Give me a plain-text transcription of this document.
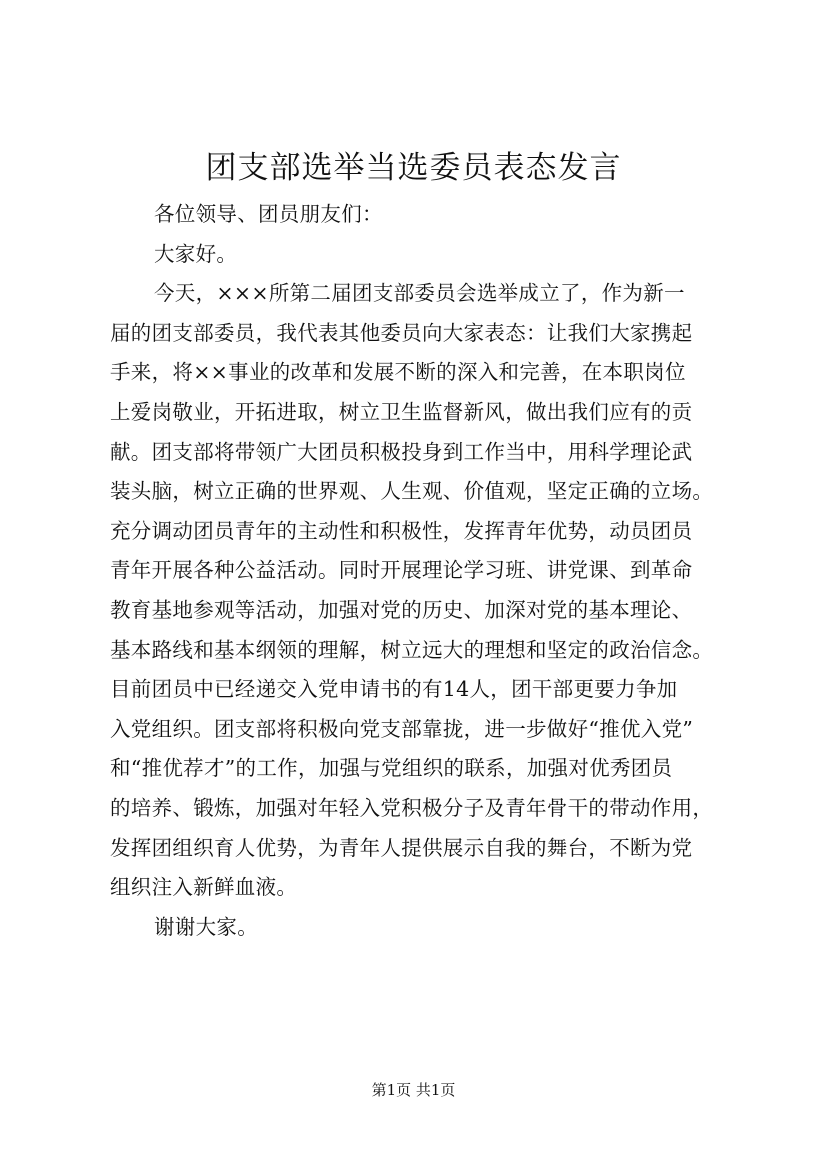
团支部选举当选委员表态发言
各位领导、团员朋友们：
大家好。
今天，×××所第二届团支部委员会选举成立了，作为新一
届的团支部委员，我代表其他委员向大家表态：让我们大家携起
手来，将××事业的改革和发展不断的深入和完善，在本职岗位
上爱岗敬业，开拓进取，树立卫生监督新风，做出我们应有的贡
献。团支部将带领广大团员积极投身到工作当中，用科学理论武
装头脑，树立正确的世界观、人生观、价值观，坚定正确的立场。
充分调动团员青年的主动性和积极性，发挥青年优势，动员团员
青年开展各种公益活动。同时开展理论学习班、讲党课、到革命
教育基地参观等活动，加强对党的历史、加深对党的基本理论、
基本路线和基本纲领的理解，树立远大的理想和坚定的政治信念。
目前团员中已经递交入党申请书的有14人，团干部更要力争加
入党组织。团支部将积极向党支部靠拢，进一步做好“推优入党”
和“推优荐才”的工作，加强与党组织的联系，加强对优秀团员
的培养、锻炼，加强对年轻入党积极分子及青年骨干的带动作用，
发挥团组织育人优势，为青年人提供展示自我的舞台，不断为党
组织注入新鲜血液。
谢谢大家。
第1页 共1页
